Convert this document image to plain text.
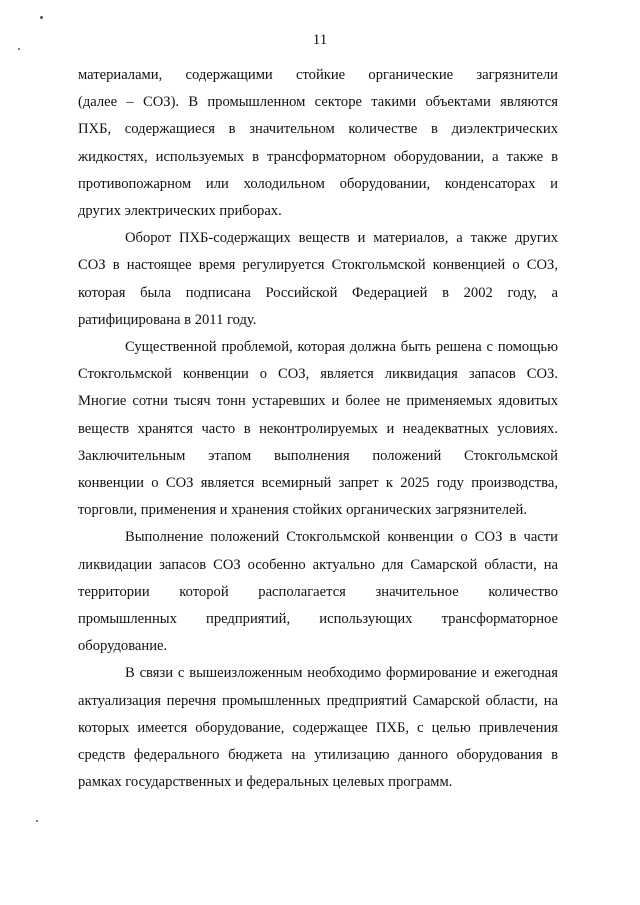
11

материалами, содержащими стойкие органические загрязнители
(далее – СОЗ). В промышленном секторе такими объектами являются
ПХБ, содержащиеся в значительном количестве в диэлектрических
жидкостях, используемых в трансформаторном оборудовании, а также в
противопожарном или холодильном оборудовании, конденсаторах и
других электрических приборах.

Оборот ПХБ-содержащих веществ и материалов, а также других
СОЗ в настоящее время регулируется Стокгольмской конвенцией о СОЗ,
которая была подписана Российской Федерацией в 2002 году, а
ратифицирована в 2011 году.

Существенной проблемой, которая должна быть решена с помощью
Стокгольмской конвенции о СОЗ, является ликвидация запасов СОЗ.
Многие сотни тысяч тонн устаревших и более не применяемых ядовитых
веществ хранятся часто в неконтролируемых и неадекватных условиях.
Заключительным этапом выполнения положений Стокгольмской
конвенции о СОЗ является всемирный запрет к 2025 году производства,
торговли, применения и хранения стойких органических загрязнителей.

Выполнение положений Стокгольмской конвенции о СОЗ в части
ликвидации запасов СОЗ особенно актуально для Самарской области, на
территории которой располагается значительное количество
промышленных предприятий, использующих трансформаторное
оборудование.

В связи с вышеизложенным необходимо формирование и ежегодная
актуализация перечня промышленных предприятий Самарской области, на
которых имеется оборудование, содержащее ПХБ, с целью привлечения
средств федерального бюджета на утилизацию данного оборудования в
рамках государственных и федеральных целевых программ.
